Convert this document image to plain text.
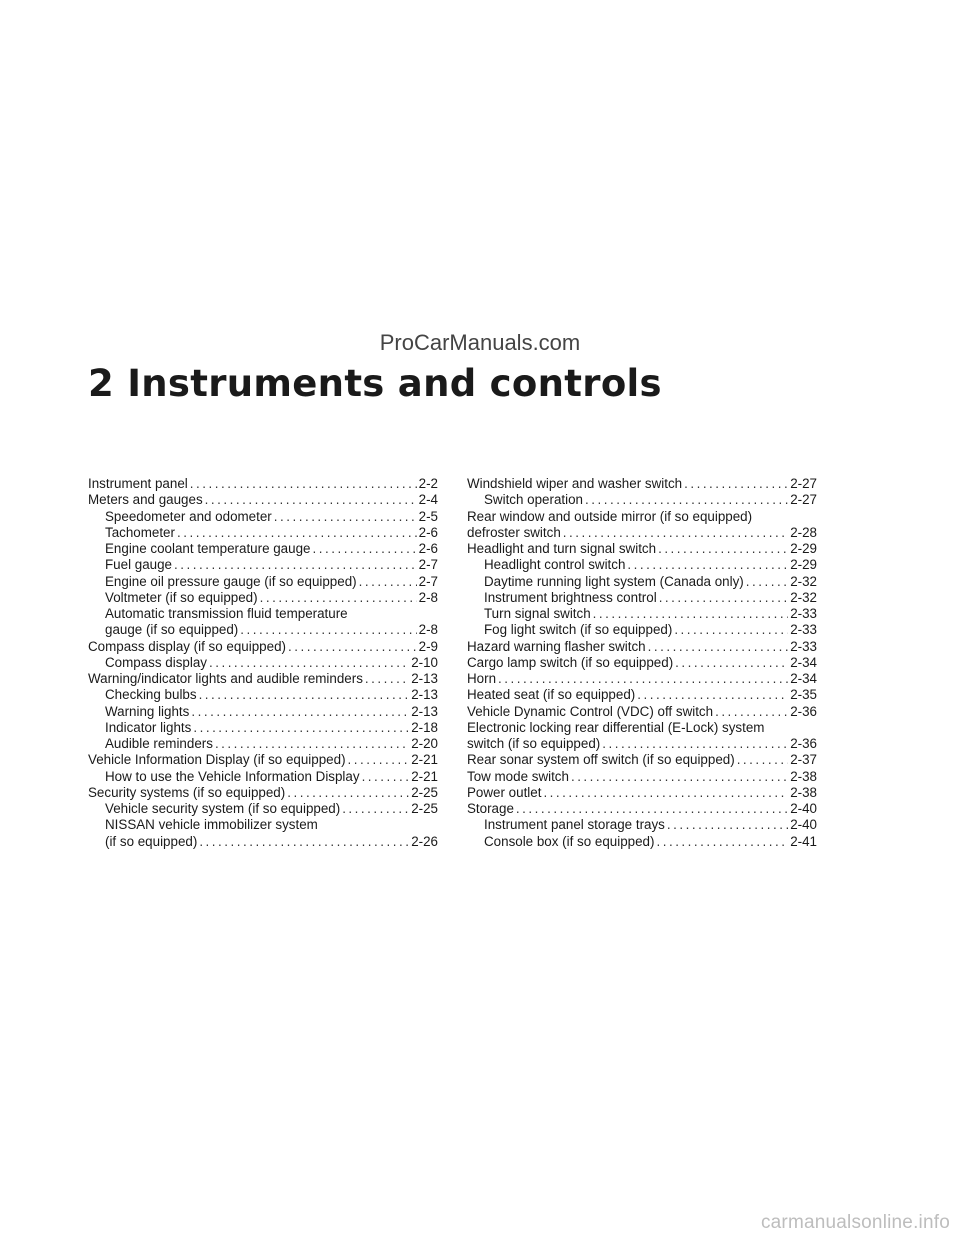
ProCarManuals.com
2 Instruments and controls
Instrument panel . . .	2-2
Meters and gauges . . .	2-4
Speedometer and odometer . . .	2-5
Tachometer . . .	2-6
Engine coolant temperature gauge . . .	2-6
Fuel gauge . . .	2-7
Engine oil pressure gauge (if so equipped) . . .	2-7
Voltmeter (if so equipped) . . .	2-8
Automatic transmission fluid temperature
gauge (if so equipped) . . .	2-8
Compass display (if so equipped) . . .	2-9
Compass display . . .	2-10
Warning/indicator lights and audible reminders . . .	2-13
Checking bulbs . . .	2-13
Warning lights . . .	2-13
Indicator lights . . .	2-18
Audible reminders . . .	2-20
Vehicle Information Display (if so equipped) . . .	2-21
How to use the Vehicle Information Display . . .	2-21
Security systems (if so equipped) . . .	2-25
Vehicle security system (if so equipped) . . .	2-25
NISSAN vehicle immobilizer system
(if so equipped) . . .	2-26
Windshield wiper and washer switch . . .	2-27
Switch operation . . .	2-27
Rear window and outside mirror (if so equipped)
defroster switch . . .	2-28
Headlight and turn signal switch . . .	2-29
Headlight control switch . . .	2-29
Daytime running light system (Canada only) . . .	2-32
Instrument brightness control . . .	2-32
Turn signal switch . . .	2-33
Fog light switch (if so equipped) . . .	2-33
Hazard warning flasher switch . . .	2-33
Cargo lamp switch (if so equipped) . . .	2-34
Horn . . .	2-34
Heated seat (if so equipped) . . .	2-35
Vehicle Dynamic Control (VDC) off switch . . .	2-36
Electronic locking rear differential (E-Lock) system
switch (if so equipped) . . .	2-36
Rear sonar system off switch (if so equipped) . . .	2-37
Tow mode switch . . .	2-38
Power outlet . . .	2-38
Storage . . .	2-40
Instrument panel storage trays . . .	2-40
Console box (if so equipped) . . .	2-41
carmanualsonline.info
